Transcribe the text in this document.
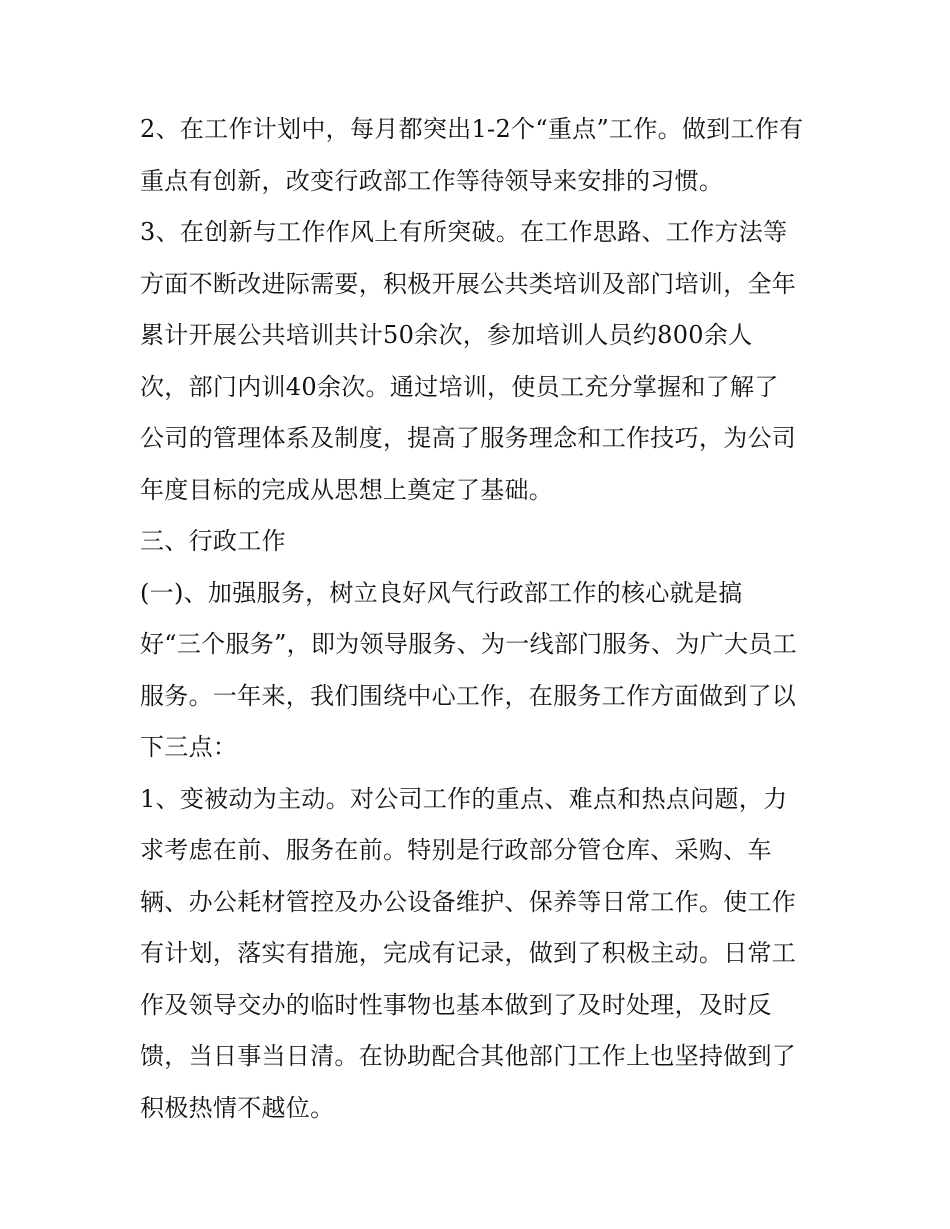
2、在工作计划中，每月都突出1-2个“重点”工作。做到工作有
重点有创新，改变行政部工作等待领导来安排的习惯。
3、在创新与工作作风上有所突破。在工作思路、工作方法等
方面不断改进际需要，积极开展公共类培训及部门培训，全年
累计开展公共培训共计50余次，参加培训人员约800余人
次，部门内训40余次。通过培训，使员工充分掌握和了解了
公司的管理体系及制度，提高了服务理念和工作技巧，为公司
年度目标的完成从思想上奠定了基础。
三、行政工作
(一)、加强服务，树立良好风气行政部工作的核心就是搞
好“三个服务”，即为领导服务、为一线部门服务、为广大员工
服务。一年来，我们围绕中心工作，在服务工作方面做到了以
下三点：
1、变被动为主动。对公司工作的重点、难点和热点问题，力
求考虑在前、服务在前。特别是行政部分管仓库、采购、车
辆、办公耗材管控及办公设备维护、保养等日常工作。使工作
有计划，落实有措施，完成有记录，做到了积极主动。日常工
作及领导交办的临时性事物也基本做到了及时处理，及时反
馈，当日事当日清。在协助配合其他部门工作上也坚持做到了
积极热情不越位。
